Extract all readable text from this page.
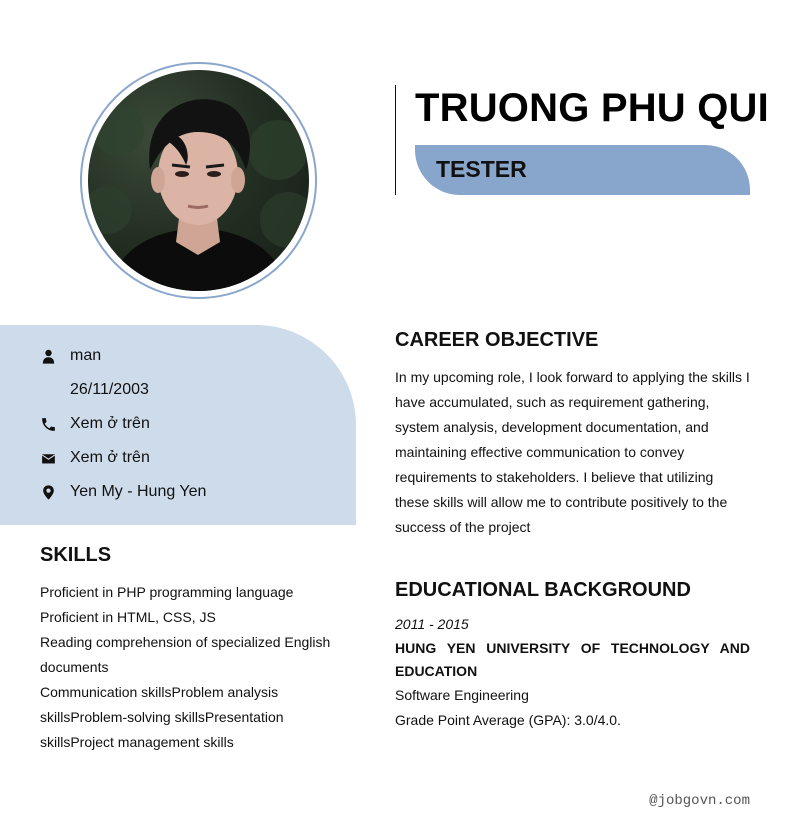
TRUONG PHU QUI
TESTER
man
26/11/2003
Xem ở trên
Xem ở trên
Yen My - Hung Yen
SKILLS
Proficient in PHP programming language
Proficient in HTML, CSS, JS
Reading comprehension of specialized English documents
Communication skillsProblem analysis skillsProblem-solving skillsPresentation skillsProject management skills
CAREER OBJECTIVE
In my upcoming role, I look forward to applying the skills I have accumulated, such as requirement gathering, system analysis, development documentation, and maintaining effective communication to convey requirements to stakeholders. I believe that utilizing these skills will allow me to contribute positively to the success of the project
EDUCATIONAL BACKGROUND
2011 - 2015
HUNG YEN UNIVERSITY OF TECHNOLOGY AND EDUCATION
Software Engineering
Grade Point Average (GPA): 3.0/4.0.
@jobgovn.com
